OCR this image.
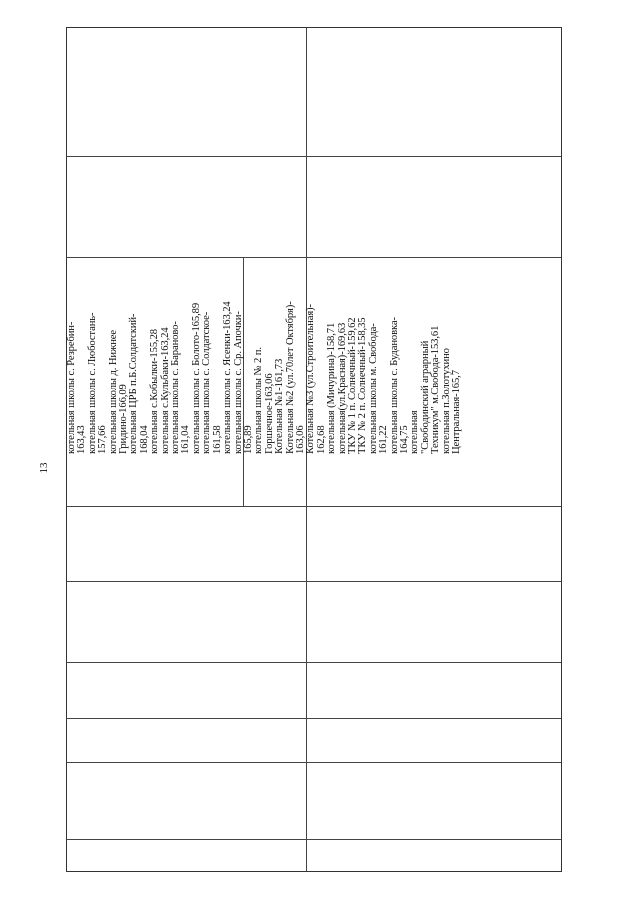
13
котельная школы с. Резребин- 163,43 котельная школы с. Любостань- 157,66 котельная школы д. Нижнее Гридино-166,09 котельная ЦРБ п.Б.Солдатский- 168,04 котельная с.Кобылки-155,28 котельная с.Кульбаки-163,24 котельная школы с. Бараново- 161,04 котельная школы с. Болото-165,89 котельная школы с. Солдатское- 161,58 котельная школы с. Ясенки-163,24 котельная школы с. Ср. Апочки- 165,89 котельная школы № 2 п. Горшечное-163,06 Котельная №1-161,73 Котельная №2 (ул.70лет Октября)- 163,06 Котельная №3 (ул.Строительная)- 162,68 котельная (Мичурина)-158,71 котельная(ул.Красная)-169,63 ТКУ № 1 п. Солнечный-159,62 ТКУ № 2 п. Солнечный-158,35 котельная школы м. Свобода- 161,22 котельная школы с. Будановка- 164,75 котельная "Свободинский аграрный Техникум" м.Свобода-153,61 котельная п.Золотухино Центральная-165,7
